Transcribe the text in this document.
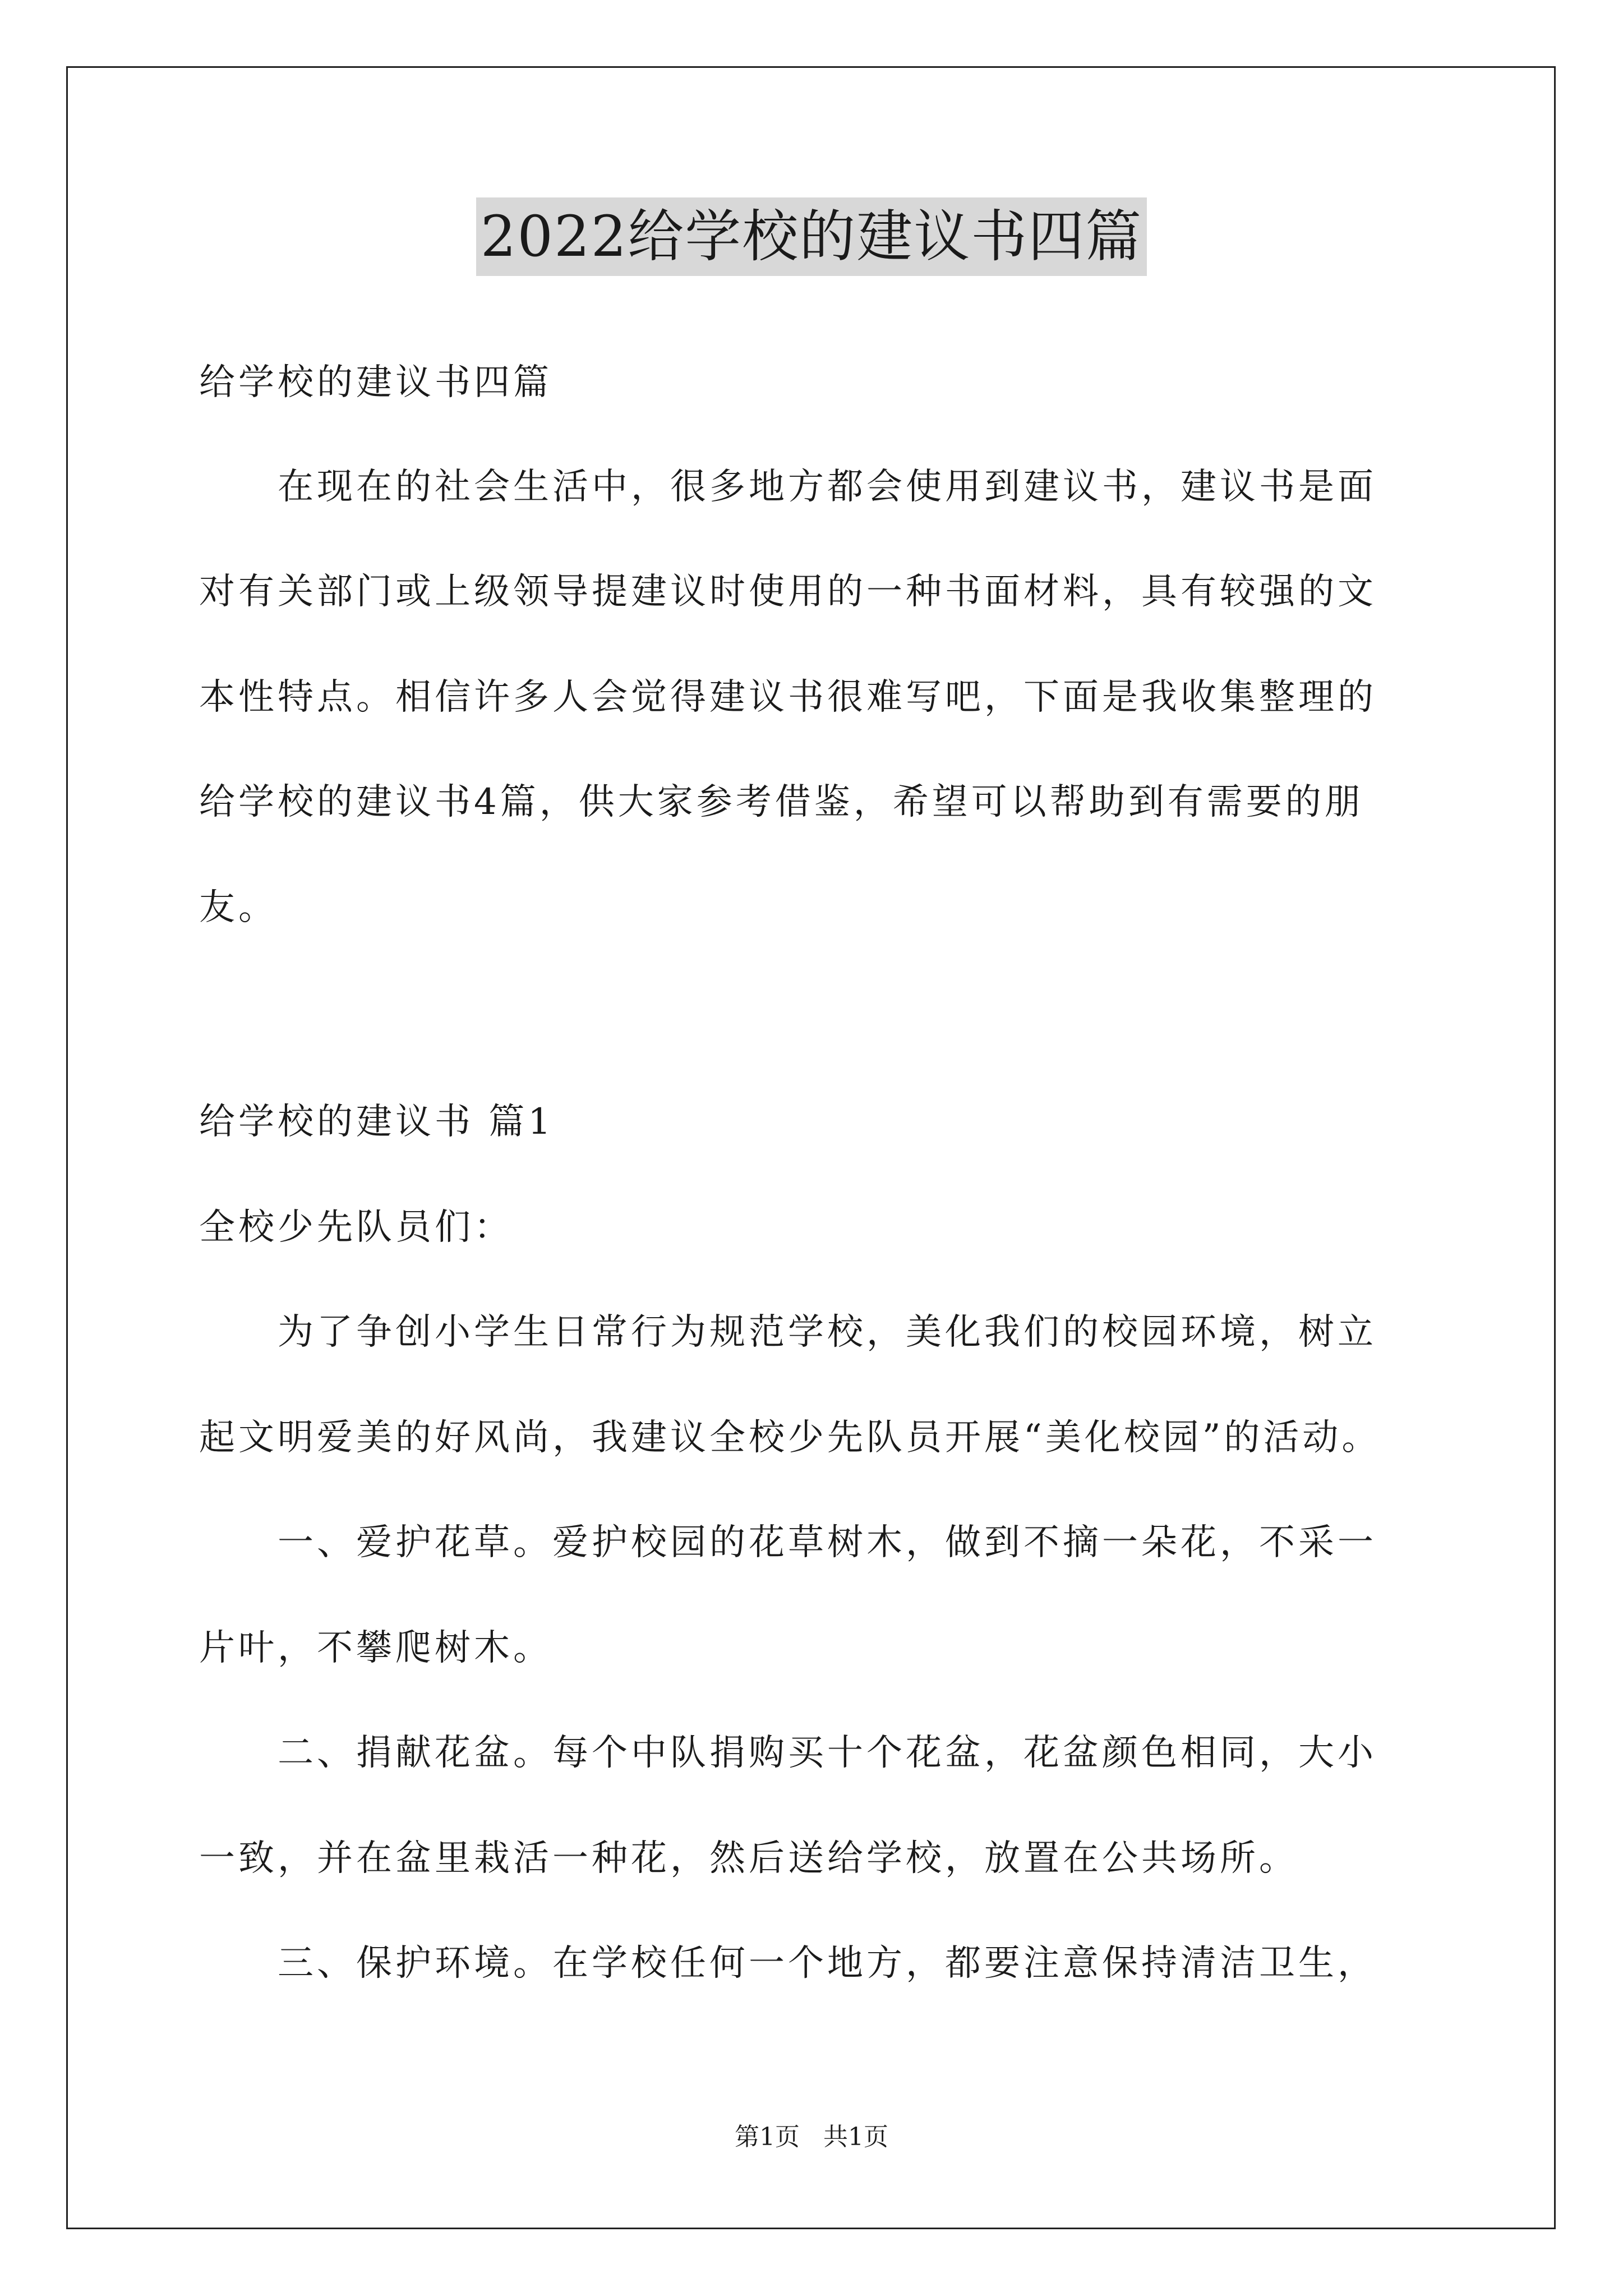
2022给学校的建议书四篇
给学校的建议书四篇
　　在现在的社会生活中，很多地方都会使用到建议书，建议书是面
对有关部门或上级领导提建议时使用的一种书面材料，具有较强的文
本性特点。相信许多人会觉得建议书很难写吧，下面是我收集整理的
给学校的建议书4篇，供大家参考借鉴，希望可以帮助到有需要的朋
友。
给学校的建议书 篇1
全校少先队员们：
　　为了争创小学生日常行为规范学校，美化我们的校园环境，树立
起文明爱美的好风尚，我建议全校少先队员开展“美化校园”的活动。
　　一、爱护花草。爱护校园的花草树木，做到不摘一朵花，不采一
片叶，不攀爬树木。
　　二、捐献花盆。每个中队捐购买十个花盆，花盆颜色相同，大小
一致，并在盆里栽活一种花，然后送给学校，放置在公共场所。
　　三、保护环境。在学校任何一个地方，都要注意保持清洁卫生，
第1页 共1页
